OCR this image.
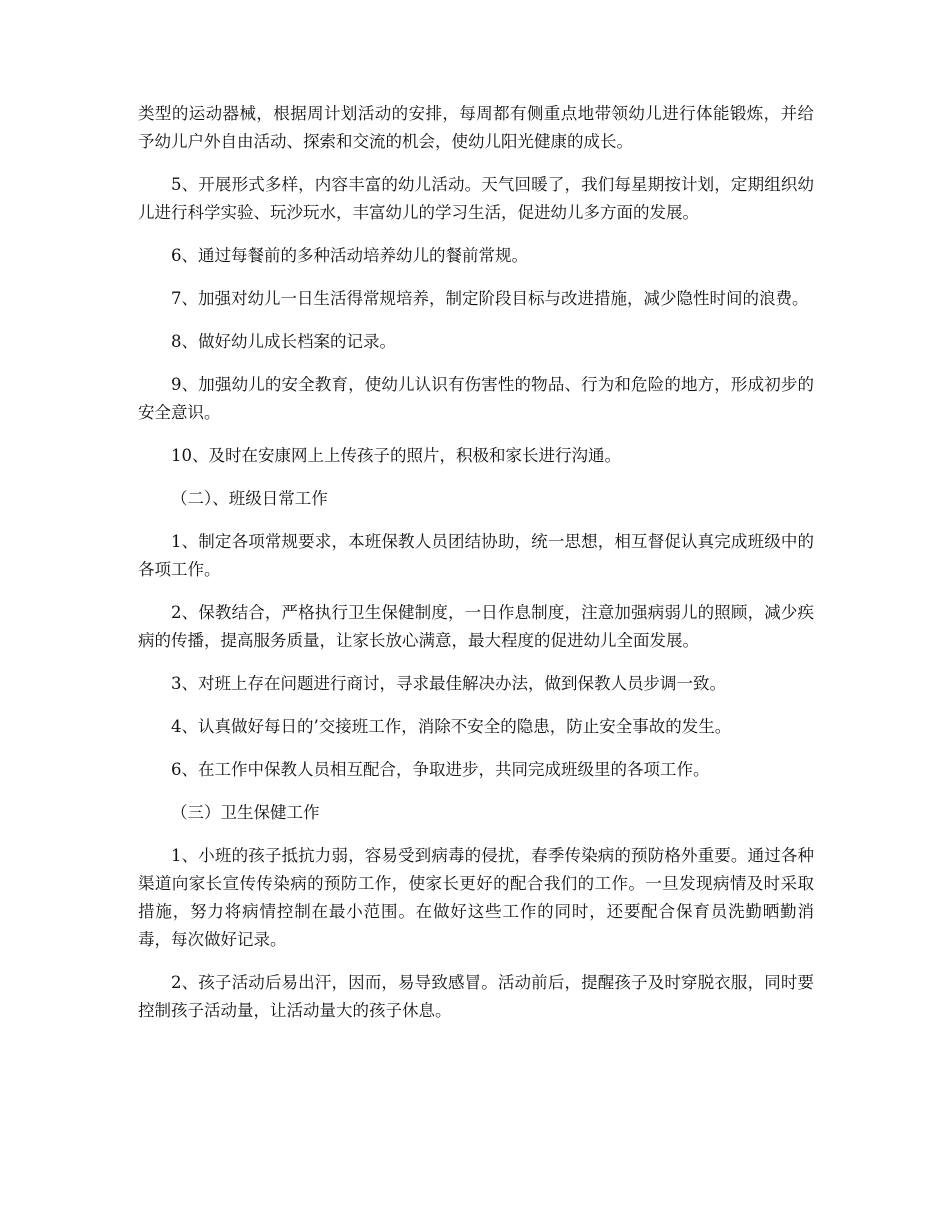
类型的运动器械，根据周计划活动的安排，每周都有侧重点地带领幼儿进行体能锻炼，并给予幼儿户外自由活动、探索和交流的机会，使幼儿阳光健康的成长。

5、开展形式多样，内容丰富的幼儿活动。天气回暖了，我们每星期按计划，定期组织幼儿进行科学实验、玩沙玩水，丰富幼儿的学习生活，促进幼儿多方面的发展。

6、通过每餐前的多种活动培养幼儿的餐前常规。

7、加强对幼儿一日生活得常规培养，制定阶段目标与改进措施，减少隐性时间的浪费。

8、做好幼儿成长档案的记录。

9、加强幼儿的安全教育，使幼儿认识有伤害性的物品、行为和危险的地方，形成初步的安全意识。

10、及时在安康网上上传孩子的照片，积极和家长进行沟通。

（二）、班级日常工作

1、制定各项常规要求，本班保教人员团结协助，统一思想，相互督促认真完成班级中的各项工作。

2、保教结合，严格执行卫生保健制度，一日作息制度，注意加强病弱儿的照顾，减少疾病的传播，提高服务质量，让家长放心满意，最大程度的促进幼儿全面发展。

3、对班上存在问题进行商讨，寻求最佳解决办法，做到保教人员步调一致。

4、认真做好每日的’交接班工作，消除不安全的隐患，防止安全事故的发生。

6、在工作中保教人员相互配合，争取进步，共同完成班级里的各项工作。

（三）卫生保健工作

1、小班的孩子抵抗力弱，容易受到病毒的侵扰，春季传染病的预防格外重要。通过各种渠道向家长宣传传染病的预防工作，使家长更好的配合我们的工作。一旦发现病情及时采取措施，努力将病情控制在最小范围。在做好这些工作的同时，还要配合保育员洗勤晒勤消毒，每次做好记录。

2、孩子活动后易出汗，因而，易导致感冒。活动前后，提醒孩子及时穿脱衣服，同时要控制孩子活动量，让活动量大的孩子休息。
